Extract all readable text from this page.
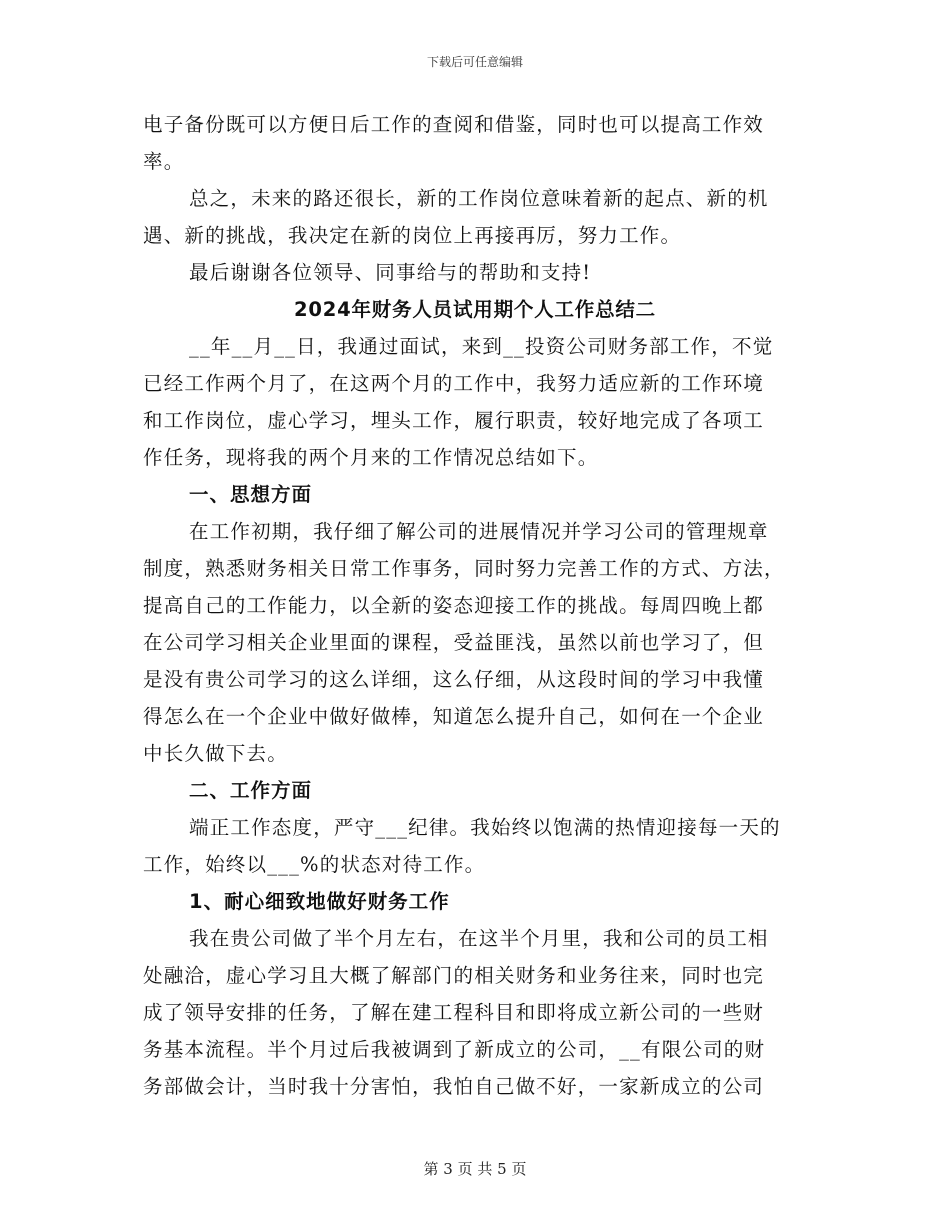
下载后可任意编辑
电子备份既可以方便日后工作的查阅和借鉴，同时也可以提高工作效
率。
总之，未来的路还很长，新的工作岗位意味着新的起点、新的机
遇、新的挑战，我决定在新的岗位上再接再厉，努力工作。
最后谢谢各位领导、同事给与的帮助和支持!
2024年财务人员试用期个人工作总结二
__年__月__日，我通过面试，来到__投资公司财务部工作，不觉
已经工作两个月了，在这两个月的工作中，我努力适应新的工作环境
和工作岗位，虚心学习，埋头工作，履行职责，较好地完成了各项工
作任务，现将我的两个月来的工作情况总结如下。
一、思想方面
在工作初期，我仔细了解公司的进展情况并学习公司的管理规章
制度，熟悉财务相关日常工作事务，同时努力完善工作的方式、方法，
提高自己的工作能力，以全新的姿态迎接工作的挑战。每周四晚上都
在公司学习相关企业里面的课程，受益匪浅，虽然以前也学习了，但
是没有贵公司学习的这么详细，这么仔细，从这段时间的学习中我懂
得怎么在一个企业中做好做棒，知道怎么提升自己，如何在一个企业
中长久做下去。
二、工作方面
端正工作态度，严守___纪律。我始终以饱满的热情迎接每一天的
工作，始终以___%的状态对待工作。
1、耐心细致地做好财务工作
我在贵公司做了半个月左右，在这半个月里，我和公司的员工相
处融洽，虚心学习且大概了解部门的相关财务和业务往来，同时也完
成了领导安排的任务，了解在建工程科目和即将成立新公司的一些财
务基本流程。半个月过后我被调到了新成立的公司，__有限公司的财
务部做会计，当时我十分害怕，我怕自己做不好，一家新成立的公司
第 3 页 共 5 页
